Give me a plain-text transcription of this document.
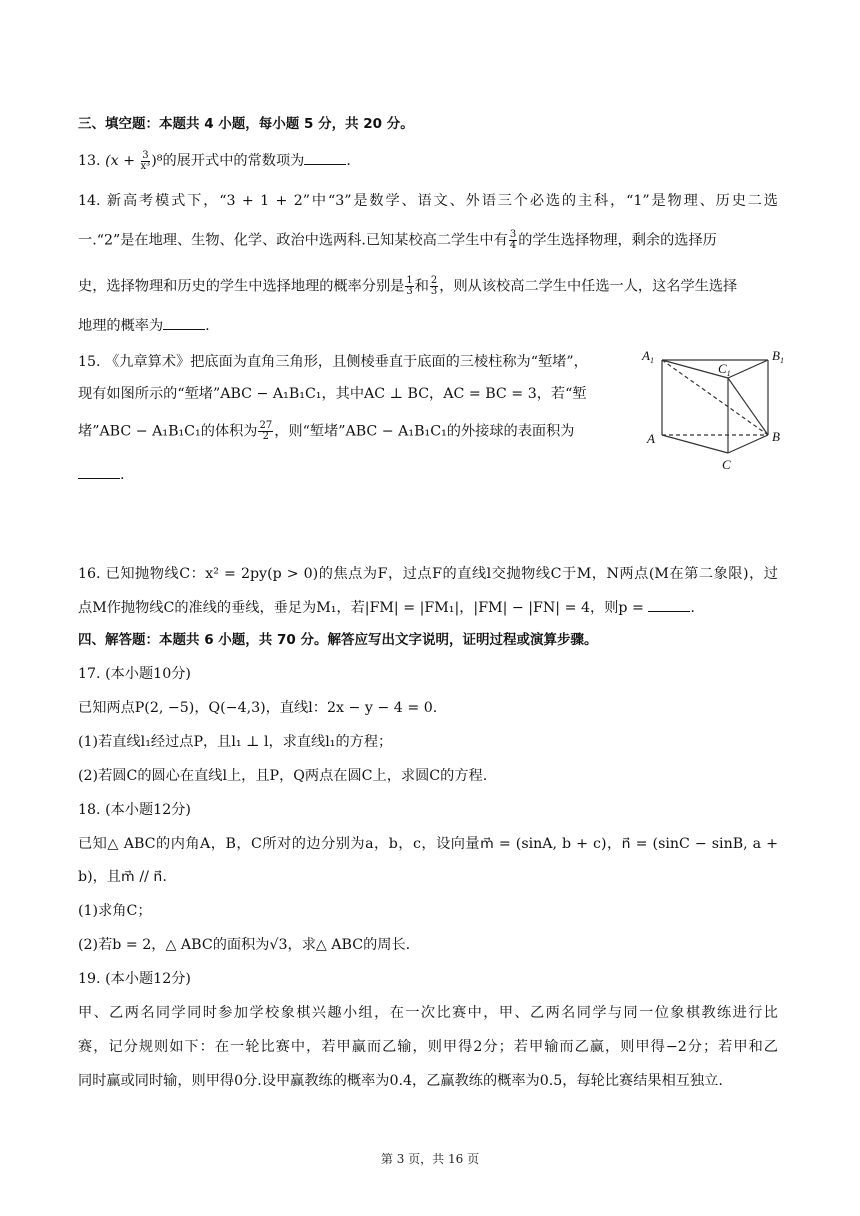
三、填空题：本题共 4 小题，每小题 5 分，共 20 分。
13. $(x + \frac{3}{\text{x³}} )^8$的展开式中的常数项为	.
14. 新高考模式下，“3 + 1 + 2”中“3”是数学、语文、外语三个必选的主科，“1”是物理、历史二选
一.“2”是在地理、生物、化学、政治中选两科.已知某校高二学生中有 $\frac{3}{4}$ 的学生选择物理，剩余的选择历
史，选择物理和历史的学生中选择地理的概率分别是 $\frac{1}{3}$ 和 $\frac{2}{3}$ ，则从该校高二学生中任选一人，这名学生选择
地理的概率为	.
15. 《九章算术》把底面为直角三角形，且侧棱垂直于底面的三棱柱称为“堑堵”，
现有如图所示的“堑堵”ABC − A₁B₁C₁，其中AC ⊥ BC，AC = BC = 3，若“堑
堵”ABC − A₁B₁C₁的体积为 $\frac{27}{2}$ ，则“堑堵”ABC − A₁B₁C₁的外接球的表面积为
.
$A_1$	$B_1$
$C_1$
A	B
C
16. 已知抛物线C：x² = 2py(p > 0)的焦点为F，过点F的直线l交抛物线C于M，N两点(M在第二象限)，过
点M作抛物线C的准线的垂线，垂足为M₁，若|FM| = |FM₁|，|FM| − |FN| = 4，则p =	.
四、解答题：本题共 6 小题，共 70 分。解答应写出文字说明，证明过程或演算步骤。
17. (本小题10分)
已知两点P(2, −5)，Q(−4,3)，直线l：2x − y − 4 = 0.
(1)若直线l₁经过点P，且l₁ ⊥ l，求直线l₁的方程；
(2)若圆C的圆心在直线l上，且P，Q两点在圆C上，求圆C的方程.
18. (本小题12分)
已知△ ABC的内角A，B，C所对的边分别为a，b，c，设向量m⃗ = (sinA, b + c)，n⃗ = (sinC − sinB, a +
b)，且m⃗ // n⃗.
(1)求角C；
(2)若b = 2，△ ABC的面积为√3，求△ ABC的周长.
19. (本小题12分)
甲、乙两名同学同时参加学校象棋兴趣小组，在一次比赛中，甲、乙两名同学与同一位象棋教练进行比
赛，记分规则如下：在一轮比赛中，若甲赢而乙输，则甲得2分；若甲输而乙赢，则甲得−2分；若甲和乙
同时赢或同时输，则甲得0分.设甲赢教练的概率为0.4，乙赢教练的概率为0.5，每轮比赛结果相互独立.
第 3 页，共 16 页
